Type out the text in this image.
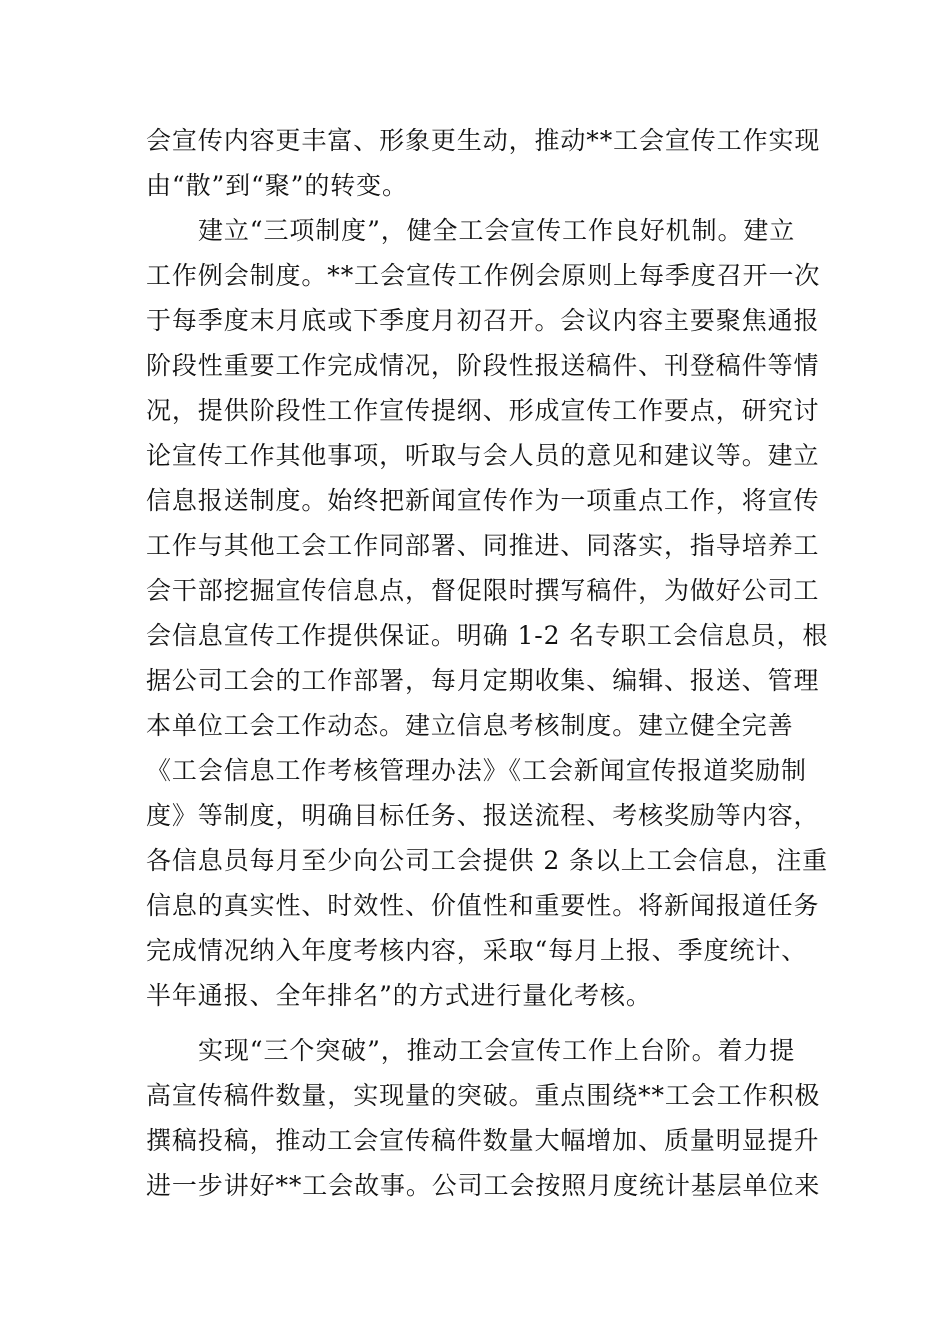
会宣传内容更丰富、形象更生动，推动**工会宣传工作实现
由“散”到“聚”的转变。
建立“三项制度”，健全工会宣传工作良好机制。建立
工作例会制度。**工会宣传工作例会原则上每季度召开一次
于每季度末月底或下季度月初召开。会议内容主要聚焦通报
阶段性重要工作完成情况，阶段性报送稿件、刊登稿件等情
况，提供阶段性工作宣传提纲、形成宣传工作要点，研究讨
论宣传工作其他事项，听取与会人员的意见和建议等。建立
信息报送制度。始终把新闻宣传作为一项重点工作，将宣传
工作与其他工会工作同部署、同推进、同落实，指导培养工
会干部挖掘宣传信息点，督促限时撰写稿件，为做好公司工
会信息宣传工作提供保证。明确 1-2 名专职工会信息员，根
据公司工会的工作部署，每月定期收集、编辑、报送、管理
本单位工会工作动态。建立信息考核制度。建立健全完善
《工会信息工作考核管理办法》《工会新闻宣传报道奖励制
度》等制度，明确目标任务、报送流程、考核奖励等内容，
各信息员每月至少向公司工会提供 2 条以上工会信息，注重
信息的真实性、时效性、价值性和重要性。将新闻报道任务
完成情况纳入年度考核内容，采取“每月上报、季度统计、
半年通报、全年排名”的方式进行量化考核。
实现“三个突破”，推动工会宣传工作上台阶。着力提
高宣传稿件数量，实现量的突破。重点围绕**工会工作积极
撰稿投稿，推动工会宣传稿件数量大幅增加、质量明显提升
进一步讲好**工会故事。公司工会按照月度统计基层单位来
